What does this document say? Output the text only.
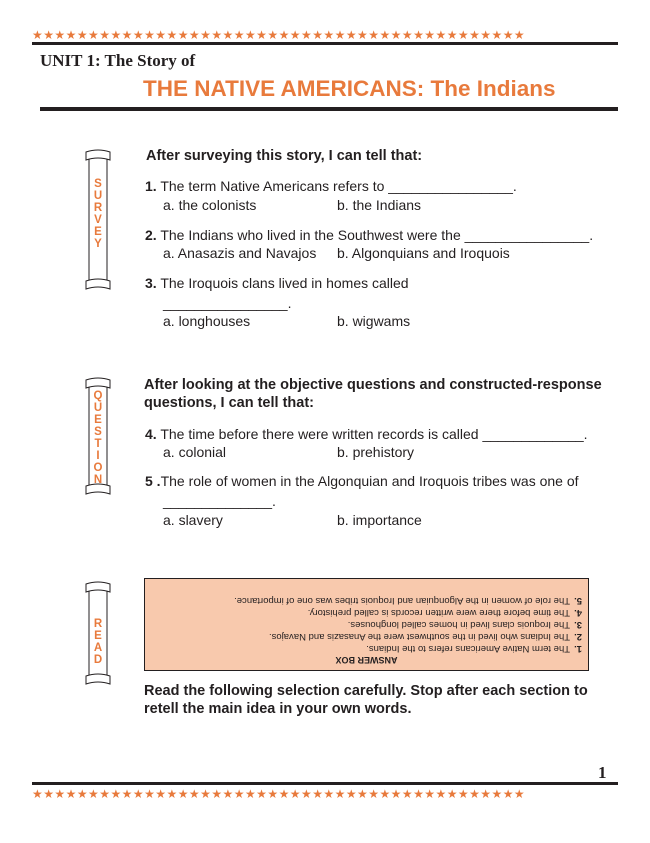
★★★★★★★★★★★★★★★★★★★★★★★★★★★★★★★★★★★★★★★★★★★★
UNIT 1: The Story of
THE NATIVE AMERICANS: The Indians
S
U
R
V
E
Y
After surveying this story, I can tell that:
1. The term Native Americans refers to ________________.
a. the colonists	b. the Indians
2. The Indians who lived in the Southwest were the ________________.
a. Anasazis and Navajos b. Algonquians and Iroquois
3. The Iroquois clans lived in homes called
________________.
a. longhouses	b. wigwams
Q
U
E
S
T
I
O
N
After looking at the objective questions and constructed-response
questions, I can tell that:
4. The time before there were written records is called _____________.
a. colonial	b. prehistory
5 .The role of women in the Algonquian and Iroquois tribes was one of
______________.
a. slavery	b. importance
R
E
A
D	ANSWER BOX
1.
The term Native Americans refers to the Indians.
2.
The Indians who lived in the southwest were the Anasazis and Navajos.
3.
The Iroquois clans lived in homes called longhouses.
4.
The time before there were written records is called prehistory.
5.
The role of women in the Algonquian and Iroquois tribes was one of importance.
Read the following selection carefully. Stop after each section to
retell the main idea in your own words.
1
★★★★★★★★★★★★★★★★★★★★★★★★★★★★★★★★★★★★★★★★★★★★
